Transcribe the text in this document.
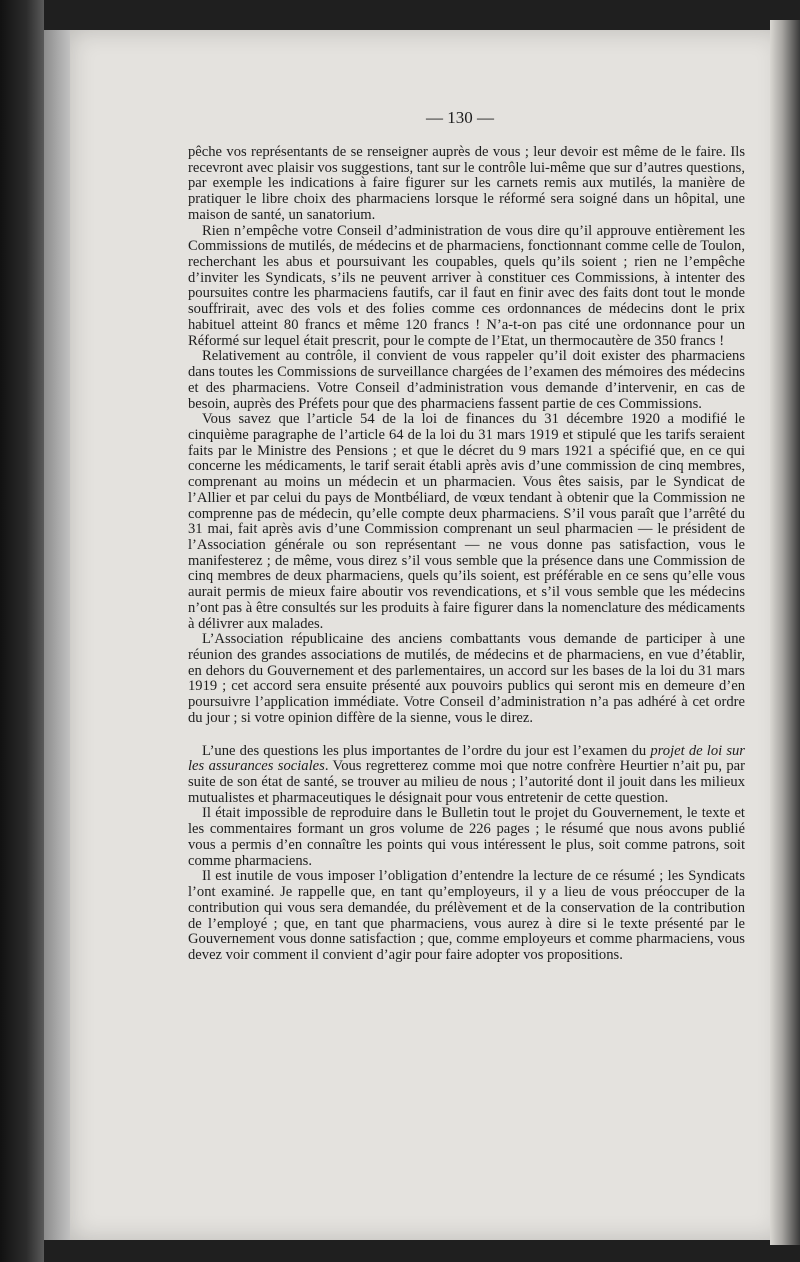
— 130 —

pêche vos représentants de se renseigner auprès de vous ; leur devoir est même de le faire. Ils recevront avec plaisir vos suggestions, tant sur le contrôle lui-même que sur d’autres questions, par exemple les indications à faire figurer sur les carnets remis aux mutilés, la manière de pratiquer le libre choix des pharmaciens lorsque le réformé sera soigné dans un hôpital, une maison de santé, un sanatorium.

Rien n’empêche votre Conseil d’administration de vous dire qu’il approuve entièrement les Commissions de mutilés, de médecins et de pharmaciens, fonctionnant comme celle de Toulon, recherchant les abus et poursuivant les coupables, quels qu’ils soient ; rien ne l’empêche d’inviter les Syndicats, s’ils ne peuvent arriver à constituer ces Commissions, à intenter des poursuites contre les pharmaciens fautifs, car il faut en finir avec des faits dont tout le monde souffrirait, avec des vols et des folies comme ces ordonnances de médecins dont le prix habituel atteint 80 francs et même 120 francs ! N’a-t-on pas cité une ordonnance pour un Réformé sur lequel était prescrit, pour le compte de l’Etat, un thermocautère de 350 francs !

Relativement au contrôle, il convient de vous rappeler qu’il doit exister des pharmaciens dans toutes les Commissions de surveillance chargées de l’examen des mémoires des médecins et des pharmaciens. Votre Conseil d’administration vous demande d’intervenir, en cas de besoin, auprès des Préfets pour que des pharmaciens fassent partie de ces Commissions.

Vous savez que l’article 54 de la loi de finances du 31 décembre 1920 a modifié le cinquième paragraphe de l’article 64 de la loi du 31 mars 1919 et stipulé que les tarifs seraient faits par le Ministre des Pensions ; et que le décret du 9 mars 1921 a spécifié que, en ce qui concerne les médicaments, le tarif serait établi après avis d’une commission de cinq membres, comprenant au moins un médecin et un pharmacien. Vous êtes saisis, par le Syndicat de l’Allier et par celui du pays de Montbéliard, de vœux tendant à obtenir que la Commission ne comprenne pas de médecin, qu’elle compte deux pharmaciens. S’il vous paraît que l’arrêté du 31 mai, fait après avis d’une Commission comprenant un seul pharmacien — le président de l’Association générale ou son représentant — ne vous donne pas satisfaction, vous le manifesterez ; de même, vous direz s’il vous semble que la présence dans une Commission de cinq membres de deux pharmaciens, quels qu’ils soient, est préférable en ce sens qu’elle vous aurait permis de mieux faire aboutir vos revendications, et s’il vous semble que les médecins n’ont pas à être consultés sur les produits à faire figurer dans la nomenclature des médicaments à délivrer aux malades.

L’Association républicaine des anciens combattants vous demande de participer à une réunion des grandes associations de mutilés, de médecins et de pharmaciens, en vue d’établir, en dehors du Gouvernement et des parlementaires, un accord sur les bases de la loi du 31 mars 1919 ; cet accord sera ensuite présenté aux pouvoirs publics qui seront mis en demeure d’en poursuivre l’application immédiate. Votre Conseil d’administration n’a pas adhéré à cet ordre du jour ; si votre opinion diffère de la sienne, vous le direz.

L’une des questions les plus importantes de l’ordre du jour est l’examen du projet de loi sur les assurances sociales. Vous regretterez comme moi que notre confrère Heurtier n’ait pu, par suite de son état de santé, se trouver au milieu de nous ; l’autorité dont il jouit dans les milieux mutualistes et pharmaceutiques le désignait pour vous entretenir de cette question.

Il était impossible de reproduire dans le Bulletin tout le projet du Gouvernement, le texte et les commentaires formant un gros volume de 226 pages ; le résumé que nous avons publié vous a permis d’en connaître les points qui vous intéressent le plus, soit comme patrons, soit comme pharmaciens.

Il est inutile de vous imposer l’obligation d’entendre la lecture de ce résumé ; les Syndicats l’ont examiné. Je rappelle que, en tant qu’employeurs, il y a lieu de vous préoccuper de la contribution qui vous sera demandée, du prélèvement et de la conservation de la contribution de l’employé ; que, en tant que pharmaciens, vous aurez à dire si le texte présenté par le Gouvernement vous donne satisfaction ; que, comme employeurs et comme pharmaciens, vous devez voir comment il convient d’agir pour faire adopter vos propositions.
